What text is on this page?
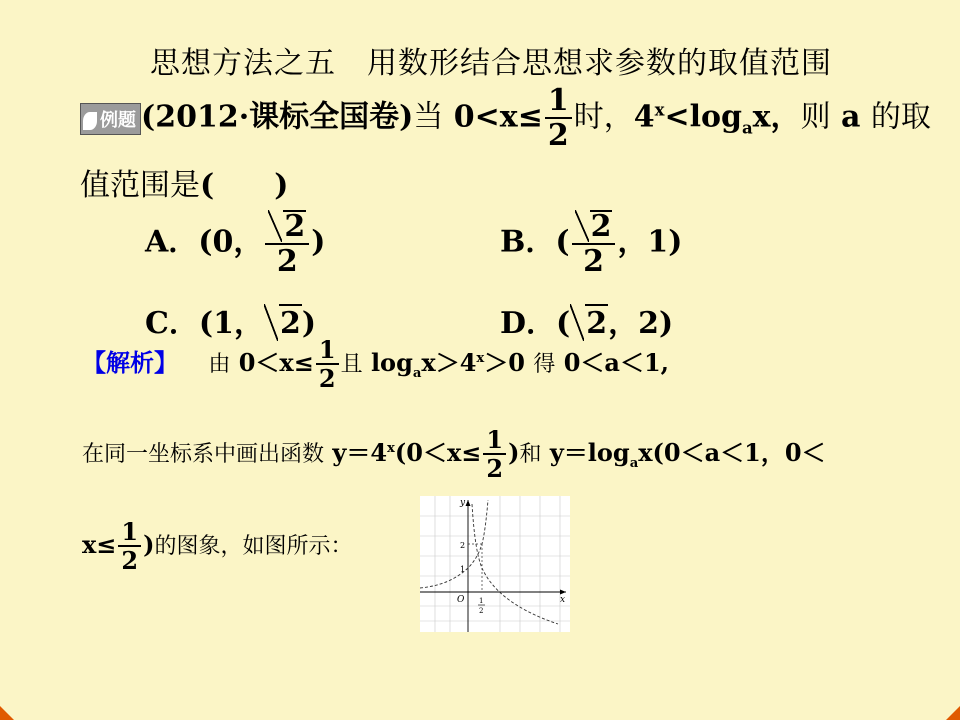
思想方法之五　用数形结合思想求参数的取值范围
例题 (2012·课标全国卷)当 $0<x\le \frac{1}{2}$ 时，$4^x<\log_ax$，则 a 的取
值范围是(　　)
A．(0， $\frac{2}{2}$ )	B．( $\frac{2}{2}$ ，1)
C．(1， 2)	D．( 2，2)
【解析】 由 $0<x\le \frac{1}{2}$ 且 $\log_ax>4^x>0$ 得 0＜a＜1,
在同一坐标系中画出函数 $y=4^x(0<x\le \frac{1}{2}$ )和 $y=\log_ax(0<a<1$，0＜
$x\le \frac{1}{2}$ )的图象，如图所示：
y
x
O
1
2
1
2
